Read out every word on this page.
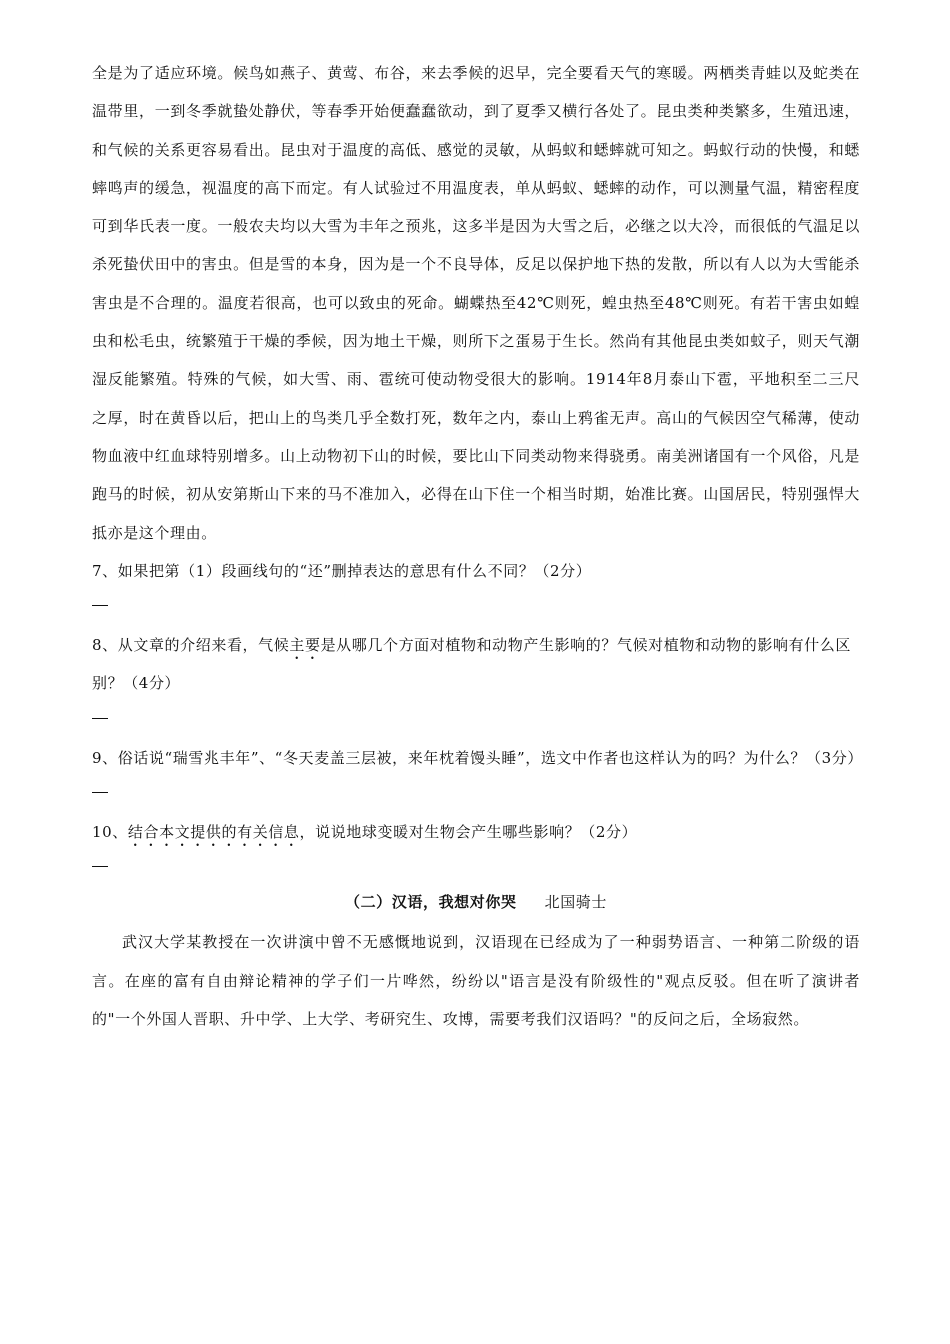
全是为了适应环境。候鸟如燕子、黄莺、布谷，来去季候的迟早，完全要看天气的寒暖。两栖类青蛙以及蛇类在温带里，一到冬季就蛰处静伏，等春季开始便蠢蠢欲动，到了夏季又横行各处了。昆虫类种类繁多，生殖迅速，和气候的关系更容易看出。昆虫对于温度的高低、感觉的灵敏，从蚂蚁和蟋蟀就可知之。蚂蚁行动的快慢，和蟋蟀鸣声的缓急，视温度的高下而定。有人试验过不用温度表，单从蚂蚁、蟋蟀的动作，可以测量气温，精密程度可到华氏表一度。一般农夫均以大雪为丰年之预兆，这多半是因为大雪之后，必继之以大冷，而很低的气温足以杀死蛰伏田中的害虫。但是雪的本身，因为是一个不良导体，反足以保护地下热的发散，所以有人以为大雪能杀害虫是不合理的。温度若很高，也可以致虫的死命。蝴蝶热至42℃则死，蝗虫热至48℃则死。有若干害虫如蝗虫和松毛虫，统繁殖于干燥的季候，因为地土干燥，则所下之蛋易于生长。然尚有其他昆虫类如蚊子，则天气潮湿反能繁殖。特殊的气候，如大雪、雨、雹统可使动物受很大的影响。1914年8月泰山下雹，平地积至二三尺之厚，时在黄昏以后，把山上的鸟类几乎全数打死，数年之内，泰山上鸦雀无声。高山的气候因空气稀薄，使动物血液中红血球特别增多。山上动物初下山的时候，要比山下同类动物来得骁勇。南美洲诸国有一个风俗，凡是跑马的时候，初从安第斯山下来的马不准加入，必得在山下住一个相当时期，始准比赛。山国居民，特别强悍大抵亦是这个理由。

7、如果把第（1）段画线句的“还”删掉表达的意思有什么不同？（2分）

8、从文章的介绍来看，气候主要是从哪几个方面对植物和动物产生影响的？气候对植物和动物的影响有什么区别？（4分）

9、俗话说“瑞雪兆丰年”、“冬天麦盖三层被，来年枕着馒头睡”，选文中作者也这样认为的吗？为什么？（3分）

10、结合本文提供的有关信息，说说地球变暖对生物会产生哪些影响？（2分）

（二）汉语，我想对你哭 北国骑士

武汉大学某教授在一次讲演中曾不无感慨地说到，汉语现在已经成为了一种弱势语言、一种第二阶级的语言。在座的富有自由辩论精神的学子们一片哗然，纷纷以"语言是没有阶级性的"观点反驳。但在听了演讲者的"一个外国人晋职、升中学、上大学、考研究生、攻博，需要考我们汉语吗？"的反问之后，全场寂然。
